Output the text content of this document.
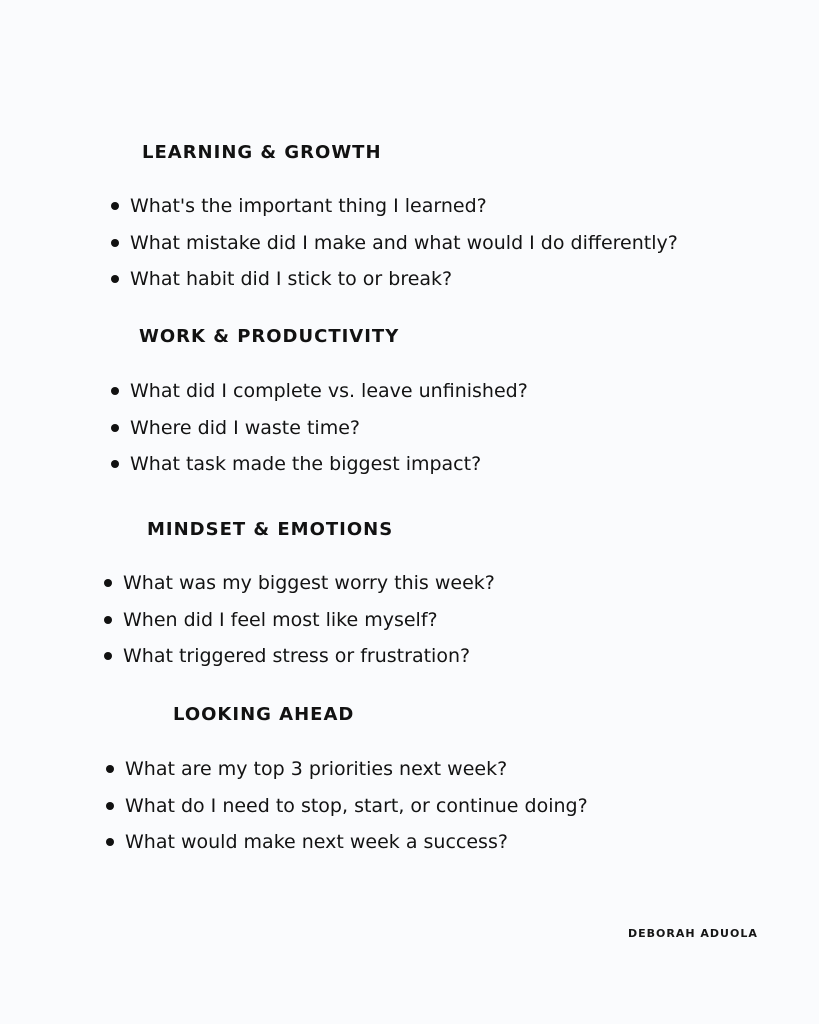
LEARNING & GROWTH
What's the important thing I learned?
What mistake did I make and what would I do differently?
What habit did I stick to or break?
WORK & PRODUCTIVITY
What did I complete vs. leave unfinished?
Where did I waste time?
What task made the biggest impact?
MINDSET & EMOTIONS
What was my biggest worry this week?
When did I feel most like myself?
What triggered stress or frustration?
LOOKING AHEAD
What are my top 3 priorities next week?
What do I need to stop, start, or continue doing?
What would make next week a success?

DEBORAH ADUOLA
